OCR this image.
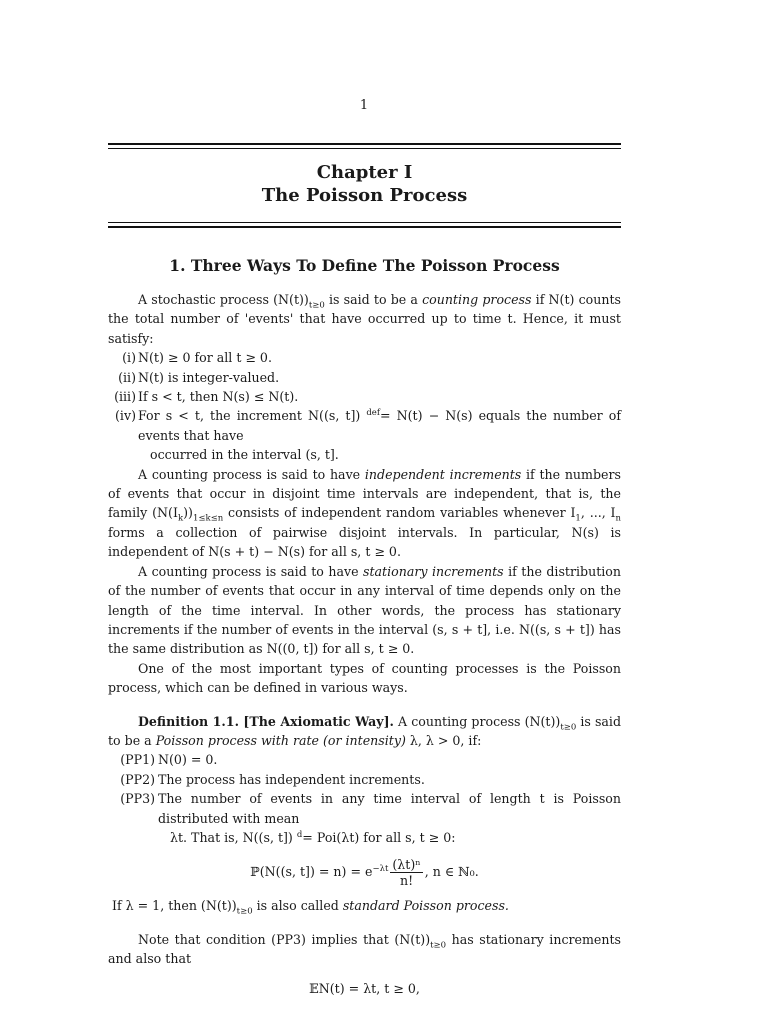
1
Chapter I
The Poisson Process
1. Three Ways To Define The Poisson Process

A stochastic process $(N(t))_{t\ge 0}$ is said to be a counting process if N(t) counts the total number of 'events' that have occurred up to time t. Hence, it must satisfy:

(i) N(t) ≥ 0 for all t ≥ 0.
(ii) N(t) is integer-valued.
(iii) If s < t, then N(s) ≤ N(t).
(iv) For s < t, the increment N((s, t]) $^{def}$= N(t) − N(s) equals the number of events that have
occurred in the interval (s, t].

A counting process is said to have independent increments if the numbers of events that occur in disjoint time intervals are independent, that is, the family $(N(I_k))_{1\le k\le n}$ consists of independent random variables whenever $I_1$, ..., $I_n$ forms a collection of pairwise disjoint intervals. In particular, N(s) is independent of N(s + t) − N(s) for all s, t ≥ 0.

A counting process is said to have stationary increments if the distribution of the number of events that occur in any interval of time depends only on the length of the time interval. In other words, the process has stationary increments if the number of events in the interval (s, s + t], i.e. N((s, s + t]) has the same distribution as N((0, t]) for all s, t ≥ 0.

One of the most important types of counting processes is the Poisson process, which can be defined in various ways.

Definition 1.1. [The Axiomatic Way]. A counting process $(N(t))_{t\ge 0}$ is said to be a Poisson process with rate (or intensity) λ, λ > 0, if:

(PP1) N(0) = 0.
(PP2) The process has independent increments.
(PP3) The number of events in any time interval of length t is Poisson distributed with mean
λt. That is, N((s, t]) $^d$= Poi(λt) for all s, t ≥ 0:
ℙ(N((s, $t]) = n) = e^{-\lambda t} \frac{\text{(λt)ⁿ}}{n!}$ , n ∈ ℕ₀.

If λ = 1, then $(N(t))_{t\ge 0}$ is also called standard Poisson process.

Note that condition (PP3) implies that $(N(t))_{t\ge 0}$ has stationary increments and also that

𝔼N(t) = λt, t ≥ 0,
